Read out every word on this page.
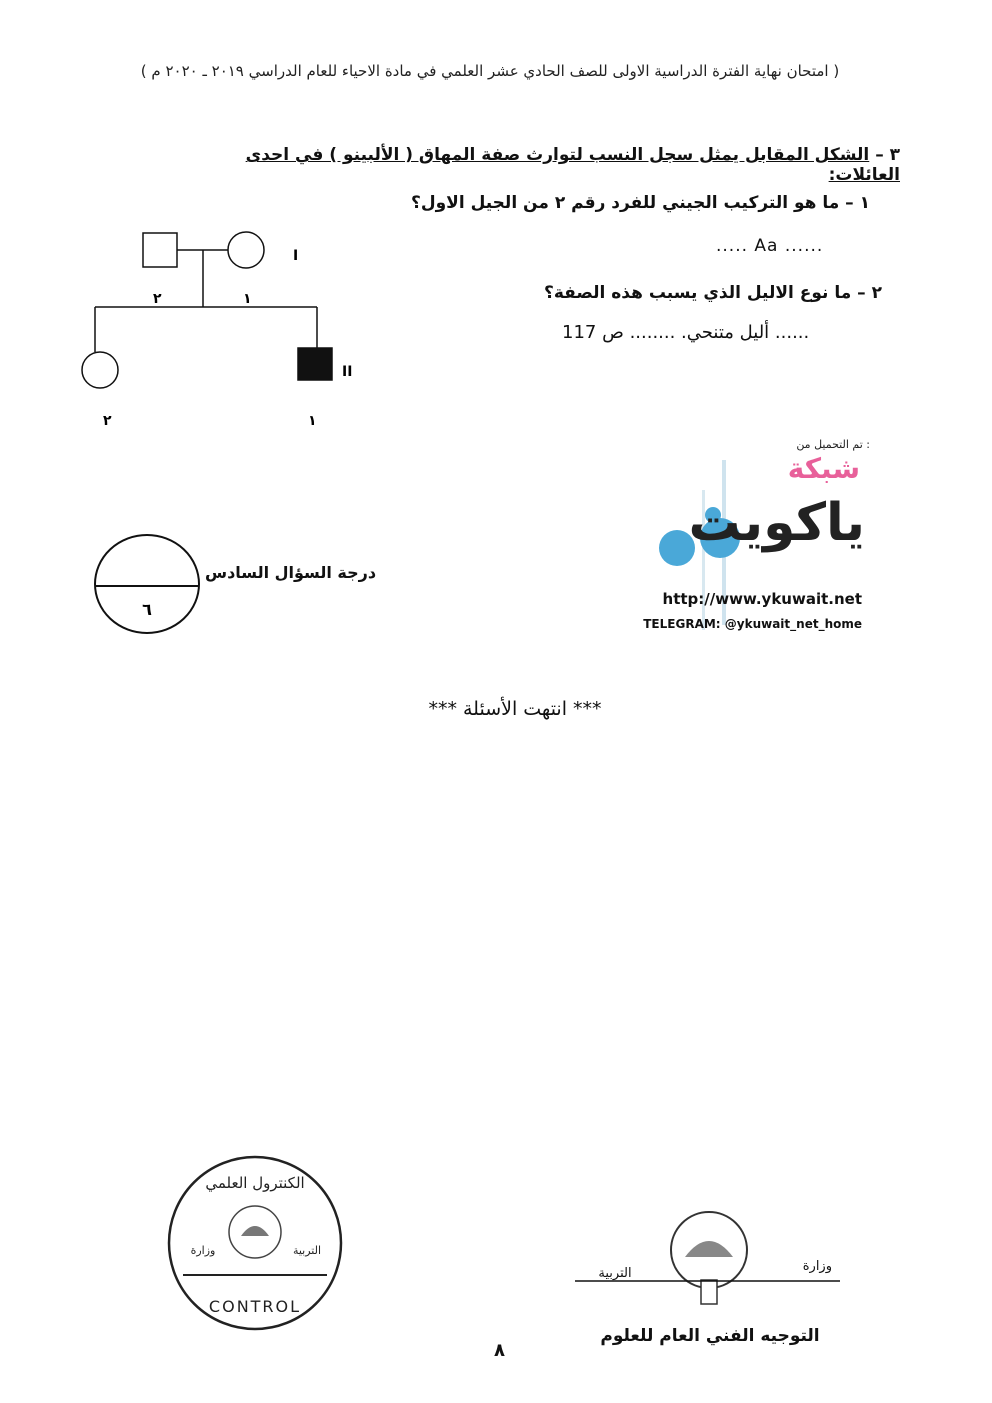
( امتحان نهاية الفترة الدراسية الاولى للصف الحادي عشر العلمي في مادة الاحياء للعام الدراسي ٢٠١٩ ـ ٢٠٢٠ م )
٣ – الشكل المقابل يمثل سجل النسب لتوارث صفة المهاق ( الألبينو ) في احدى العائلات:
١ – ما هو التركيب الجيني للفرد رقم ٢ من الجيل الاول؟
..... Aa ......
٢ – ما نوع الاليل الذي يسبب هذه الصفة؟
...... أليل متنحي. ........ ص 117
٢	١
I
II
٢	١
تم التحميل من :
شبكة
ياكويت
http://www.ykuwait.net
TELEGRAM: @ykuwait_net_home
٦
درجة السؤال السادس
*** انتهت الأسئلة ***
الكنترول العلمي
وزارة	التربية
CONTROL
٨
وزارة
التربية
التوجيه الفني العام للعلوم
